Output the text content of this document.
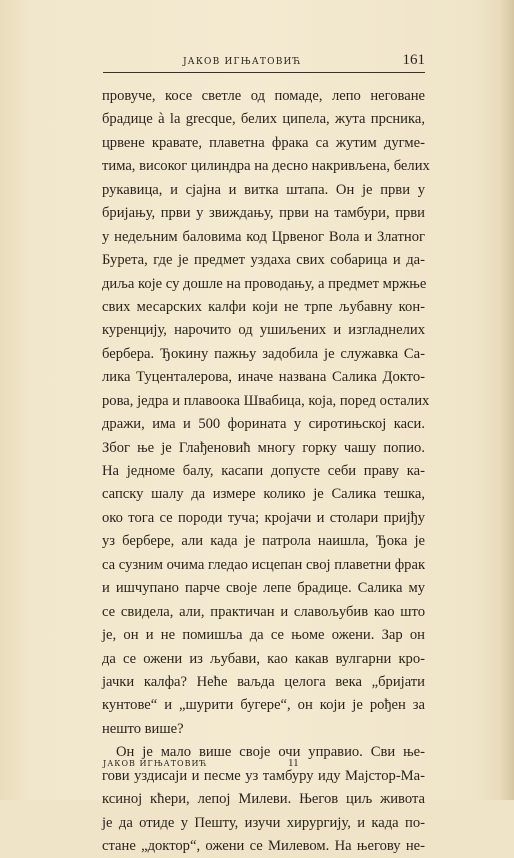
ЈАКОВ ИГЊАТОВИЋ	161
провуче, косе светле од помаде, лепо неговане
брадице à la grecque, белих ципела, жута прсника,
црвене кравате, плаветна фрака са жутим дугме-
тима, високог цилиндра на десно накривљена, белих
рукавица, и сјајна и витка штапа. Он је први у
бријању, први у звиждању, први на тамбури, први
у недељним баловима код Црвеног Вола и Златног
Бурета, где је предмет уздаха свих собарица и да-
диља које су дошле на проводању, а предмет мржње
свих месарских калфи који не трпе љубавну кон-
куренцију, нарочито од ушиљених и изгладнелих
бербера. Ђокину пажњу задобила је служавка Са-
лика Туценталерова, иначе названа Салика Докто-
рова, једра и плавоока Швабица, која, поред осталих
дражи, има и 500 форината у сиротињској каси.
Због ње је Глађеновић многу горку чашу попио.
На једноме балу, касапи допусте себи праву ка-
сапску шалу да измере колико је Салика тешка,
око тога се породи туча; кројачи и столари пријђу
уз бербере, али када је патрола наишла, Ђока је
са сузним очима гледао исцепан свој плаветни фрак
и ишчупано парче своје лепе брадице. Салика му
се свидела, али, практичан и славољубив као што
је, он и не помишља да се њоме ожени. Зар он
да се ожени из љубави, као какав вулгарни кро-
јачки калфа? Неће ваљда целога века „бријати
кунтове“ и „шурити бугере“, он који је рођен за
нешто више?
Он је мало више своје очи управио. Сви ње-
гови уздисаји и песме уз тамбуру иду Мајстор-Ма-
ксиној кћери, лепој Милеви. Његов циљ живота
је да отиде у Пешту, изучи хирургију, и када по-
стане „доктор“, ожени се Милевом. На његову не-
ЈАКОВ ИГЊАТОВИЋ	11
